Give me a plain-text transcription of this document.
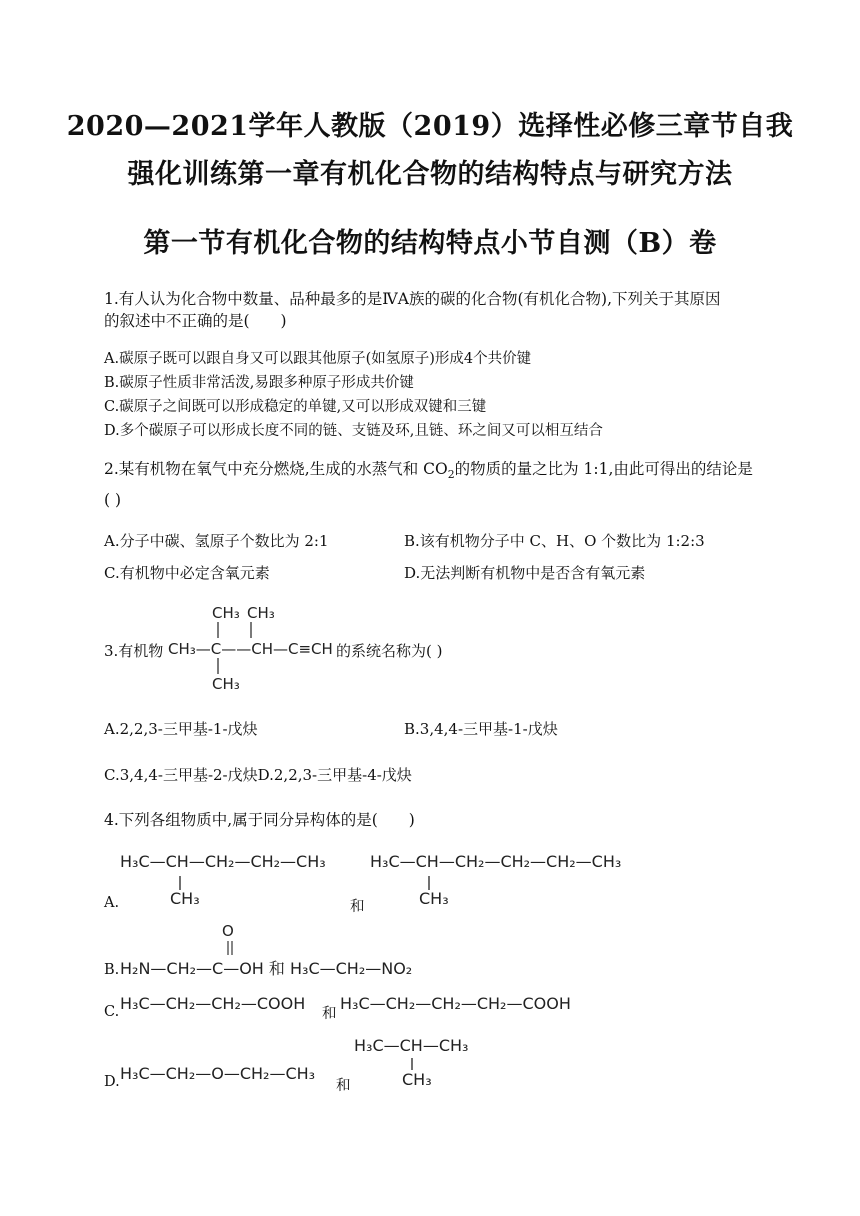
2020—2021学年人教版（2019）选择性必修三章节自我
强化训练第一章有机化合物的结构特点与研究方法
第一节有机化合物的结构特点小节自测（B）卷
1.有人认为化合物中数量、品种最多的是ⅣA族的碳的化合物(有机化合物),下列关于其原因
的叙述中不正确的是(　　)
A.碳原子既可以跟自身又可以跟其他原子(如氢原子)形成4个共价键
B.碳原子性质非常活泼,易跟多种原子形成共价键
C.碳原子之间既可以形成稳定的单键,又可以形成双键和三键
D.多个碳原子可以形成长度不同的链、支链及环,且链、环之间又可以相互结合
2.某有机物在氧气中充分燃烧,生成的水蒸气和 $CO_2$的物质的量之比为 1:1,由此可得出的结论是
( )
A.分子中碳、氢原子个数比为 2:1	B.该有机物分子中 C、H、O 个数比为 1:2:3
C.有机物中必定含氧元素	D.无法判断有机物中是否含有氧元素
3.有机物
CH₃ CH₃
CH₃—C——CH—C≡CH
CH₃
的系统名称为( )
A.2,2,3-三甲基-1-戊炔	B.3,4,4-三甲基-1-戊炔
C.3,4,4-三甲基-2-戊炔D.2,2,3-三甲基-4-戊炔
4.下列各组物质中,属于同分异构体的是(　　)
H₃C—CH—CH₂—CH₂—CH₃
CH₃
H₃C—CH—CH₂—CH₂—CH₂—CH₃
CH₃
A.	和
O
H₂N—CH₂—C—OH 和 H₃C—CH₂—NO₂
B.
H₃C—CH₂—CH₂—COOH
和
H₃C—CH₂—CH₂—CH₂—COOH
C.
H₃C—CH—CH₃
CH₃
H₃C—CH₂—O—CH₂—CH₃
和
D.
